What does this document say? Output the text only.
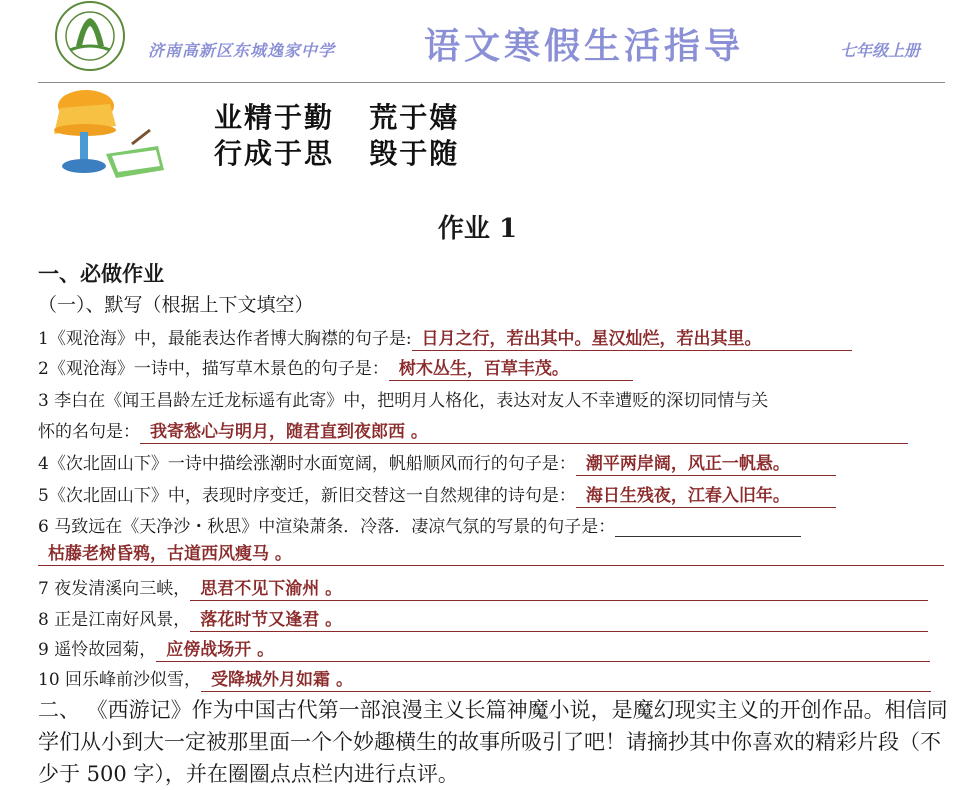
济南高新区东城逸家中学 语文寒假生活指导	七年级上册
业精于勤   荒于嬉
行成于思   毁于随
作业 1
一、必做作业
（一）、默写（根据上下文填空）
1《观沧海》中，最能表达作者博大胸襟的句子是: 日月之行，若出其中。星汉灿烂，若出其里。
2《观沧海》一诗中，描写草木景色的句子是： 树木丛生，百草丰茂。
3 李白在《闻王昌龄左迁龙标遥有此寄》中，把明月人格化，表达对友人不幸遭贬的深切同情与关
怀的名句是： 我寄愁心与明月，随君直到夜郎西 。
4《次北固山下》一诗中描绘涨潮时水面宽阔，帆船顺风而行的句子是： 潮平两岸阔，风正一帆悬。
5《次北固山下》中，表现时序变迁，新旧交替这一自然规律的诗句是： 海日生残夜，江春入旧年。
6 马致远在《天净沙・秋思》中渲染萧条．冷落．凄凉气氛的写景的句子是：
枯藤老树昏鸦，古道西风瘦马 。
7 夜发清溪向三峡， 思君不见下渝州 。
8 正是江南好风景， 落花时节又逢君 。
9 遥怜故园菊， 应傍战场开 。
10 回乐峰前沙似雪， 受降城外月如霜 。
二、 《西游记》作为中国古代第一部浪漫主义长篇神魔小说，是魔幻现实主义的开创作品。相信同学们从小到大一定被那里面一个个妙趣横生的故事所吸引了吧！请摘抄其中你喜欢的精彩片段（不少于 500 字），并在圈圈点点栏内进行点评。
